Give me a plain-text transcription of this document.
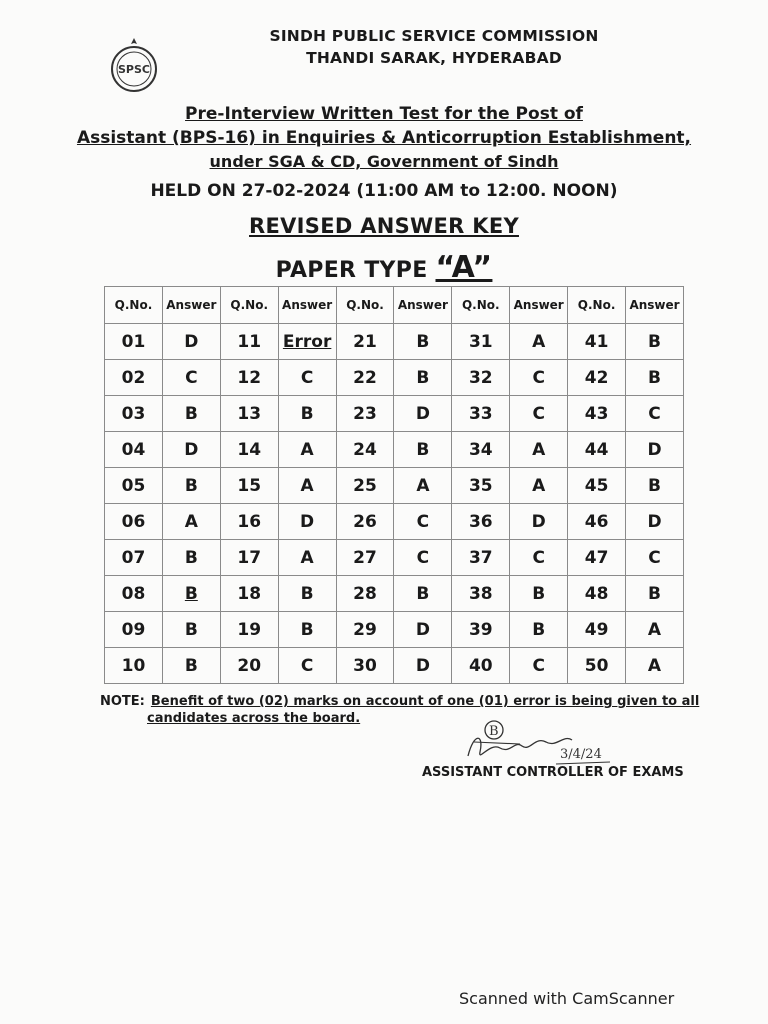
SPSC
SINDH PUBLIC SERVICE COMMISSION
THANDI SARAK, HYDERABAD
Pre-Interview Written Test for the Post of
Assistant (BPS-16) in Enquiries & Anticorruption Establishment,
under SGA & CD, Government of Sindh
HELD ON 27-02-2024 (11:00 AM to 12:00. NOON)
REVISED ANSWER KEY
PAPER TYPE “A”
Q.No.	Answer	Q.No.	Answer	Q.No.	Answer	Q.No.	Answer	Q.No.	Answer
01	D	11	Error	21	B	31	A	41	B
02	C	12	C	22	B	32	C	42	B
03	B	13	B	23	D	33	C	43	C
04	D	14	A	24	B	34	A	44	D
05	B	15	A	25	A	35	A	45	B
06	A	16	D	26	C	36	D	46	D
07	B	17	A	27	C	37	C	47	C
08	B	18	B	28	B	38	B	48	B
09	B	19	B	29	D	39	B	49	A
10	B	20	C	30	D	40	C	50	A
NOTE: Benefit of two (02) marks on account of one (01) error is being given to all
candidates across the board.
B
3/4/24
ASSISTANT CONTROLLER OF EXAMS
Scanned with CamScanner
